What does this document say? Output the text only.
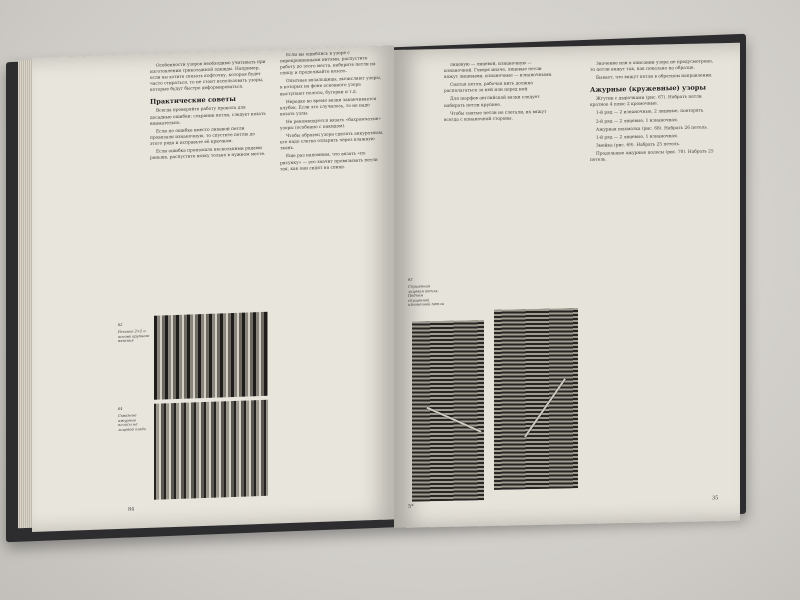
Особенности узоров необходимо учитывать при изготовлении трикотажной одежды. Например, если вы хотите связать кофточку, которая будет часто стираться, то не стоит использовать узоры, которые будут быстро деформироваться.

Практические советы

Всегда проверяйте работу прокола для досадные ошибки: сохранив петли, следует вязать внимательно.

Если по ошибке вместо лицевой петли провязали изнаночную, то спустите петлю до этого ряда и исправьте её крючком.

Если ошибка произошла несколькими рядами раньше, распустите вязку только в нужном месте.

Если вы ошиблись в узоре с перекрещенными нитями, распустите работу до этого места, наберите петли на спицу и продолжайте вязать.

Опытные вязальщицы, вычисляют узоры, в которых на фоне основного узора выступают полосы, бугорки и т.д.

Нередко во время вязки заканчивается клубок. Если это случилось, то не надо вязать узлы.

Не рекомендуется вязать «бахромчатые» узоры (особенно с накидом).

Чтобы образец узора сделать аккуратным, его надо слегка отпарить через влажную ткань.

Еще раз напомним, что вязать «по рисунку» — это значит провязывать петли так, как они сидят на спице.

62
Резинка 2×2 и основа крупного вязания
64
Сквозные ажурные полосы на лицевой глади
84

лицевую — лицевой, изнаночную — изнаночной. Говоря иначе, лицевые петли вяжут лицевыми, изнаночные — изнаночными.

Снятая петля, рабочая нить должна располагаться за ней или перед ней.

Для шарфов английской вязки следует набирать петли крупнее.

Чтобы снятые петли не слетали, их вяжут всегда с изнаночной стороны.

63
Спущенная лицевая петля. Подъем спущенной изнаночной петли

Значение или в описании узора не предусмотрено, то петли вяжут так, как показано на образце.

Бывает, что вяжут петли в обратном направлении.

Ажурные (кружевные) узоры

Жгутик с дырочками (рис. 67). Набрать петли кратное 4 плюс 2 кромочные.

1-й ряд — 2 изнаночные, 2 лицевые, повторять.

2-й ряд — 2 лицевые, 1 изнаночная.

Ажурная шахматка (рис. 68). Набрать 26 петель.

1-й ряд — 2 лицевые, 1 изнаночная.

Змейка (рис. 69). Набрать 25 петель.

Продольные ажурные полосы (рис. 70). Набрать 25 петель.

5*
35
